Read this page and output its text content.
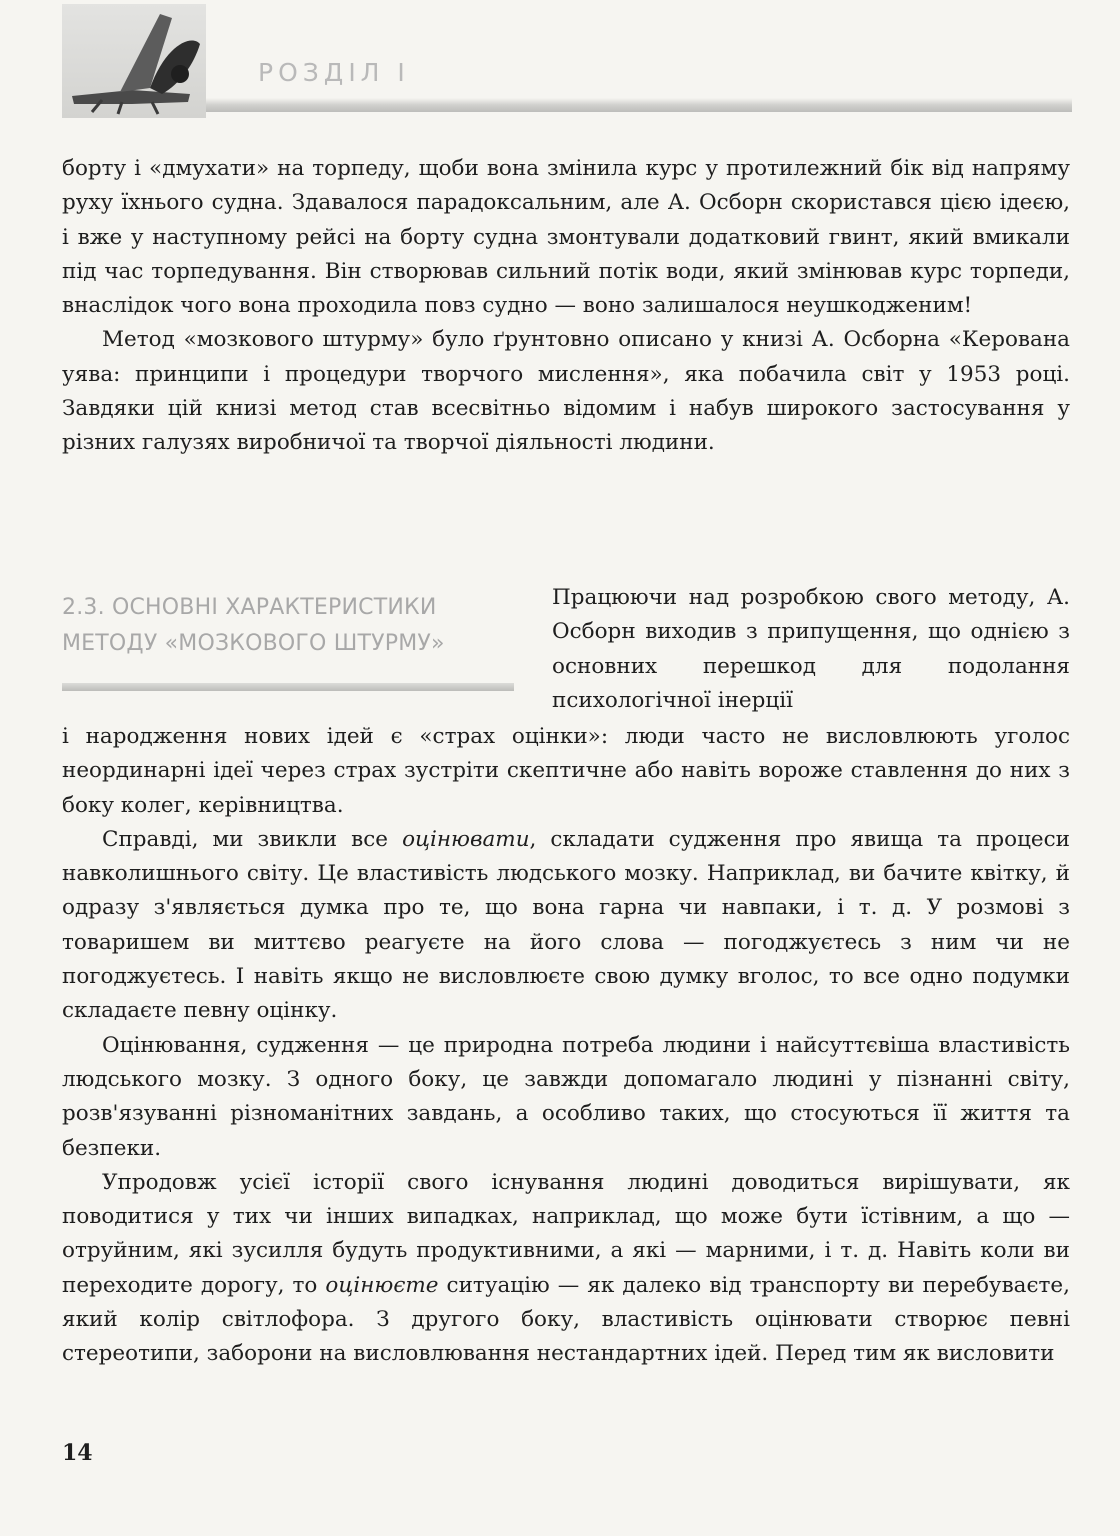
РОЗДІЛ І

борту і «дмухати» на торпеду, щоби вона змінила курс у протилежний бік від напряму руху їхнього судна. Здавалося парадоксальним, але А. Осборн скористався цією ідеєю, і вже у наступному рейсі на борту судна змонтували додатковий гвинт, який вмикали під час торпедування. Він створював сильний потік води, який змінював курс торпеди, внаслідок чого вона проходила повз судно — воно залишалося неушкодженим!

Метод «мозкового штурму» було ґрунтовно описано у книзі А. Осборна «Керована уява: принципи і процедури творчого мислення», яка побачила світ у 1953 році. Завдяки цій книзі метод став всесвітньо відомим і набув широкого застосування у різних галузях виробничої та творчої діяльності людини.

2.3. ОСНОВНІ ХАРАКТЕРИСТИКИ
МЕТОДУ «МОЗКОВОГО ШТУРМУ»
Працюючи над розробкою свого методу, А. Осборн виходив з припущення, що однією з основних перешкод для подолання психологічної інерції

і народження нових ідей є «страх оцінки»: люди часто не висловлюють уголос неординарні ідеї через страх зустріти скептичне або навіть вороже ставлення до них з боку колег, керівництва.

Справді, ми звикли все оцінювати, складати судження про явища та процеси навколишнього світу. Це властивість людського мозку. Наприклад, ви бачите квітку, й одразу з'являється думка про те, що вона гарна чи навпаки, і т. д. У розмові з товаришем ви миттєво реагуєте на його слова — погоджуєтесь з ним чи не погоджуєтесь. І навіть якщо не висловлюєте свою думку вголос, то все одно подумки складаєте певну оцінку.

Оцінювання, судження — це природна потреба людини і найсуттєвіша властивість людського мозку. З одного боку, це завжди допомагало людині у пізнанні світу, розв'язуванні різноманітних завдань, а особливо таких, що стосуються її життя та безпеки.

Упродовж усієї історії свого існування людині доводиться вирішувати, як поводитися у тих чи інших випадках, наприклад, що може бути їстівним, а що — отруйним, які зусилля будуть продуктивними, а які — марними, і т. д. Навіть коли ви переходите дорогу, то оцінюєте ситуацію — як далеко від транспорту ви перебуваєте, який колір світлофора. З другого боку, властивість оцінювати створює певні стереотипи, заборони на висловлювання нестандартних ідей. Перед тим як висловити

14
